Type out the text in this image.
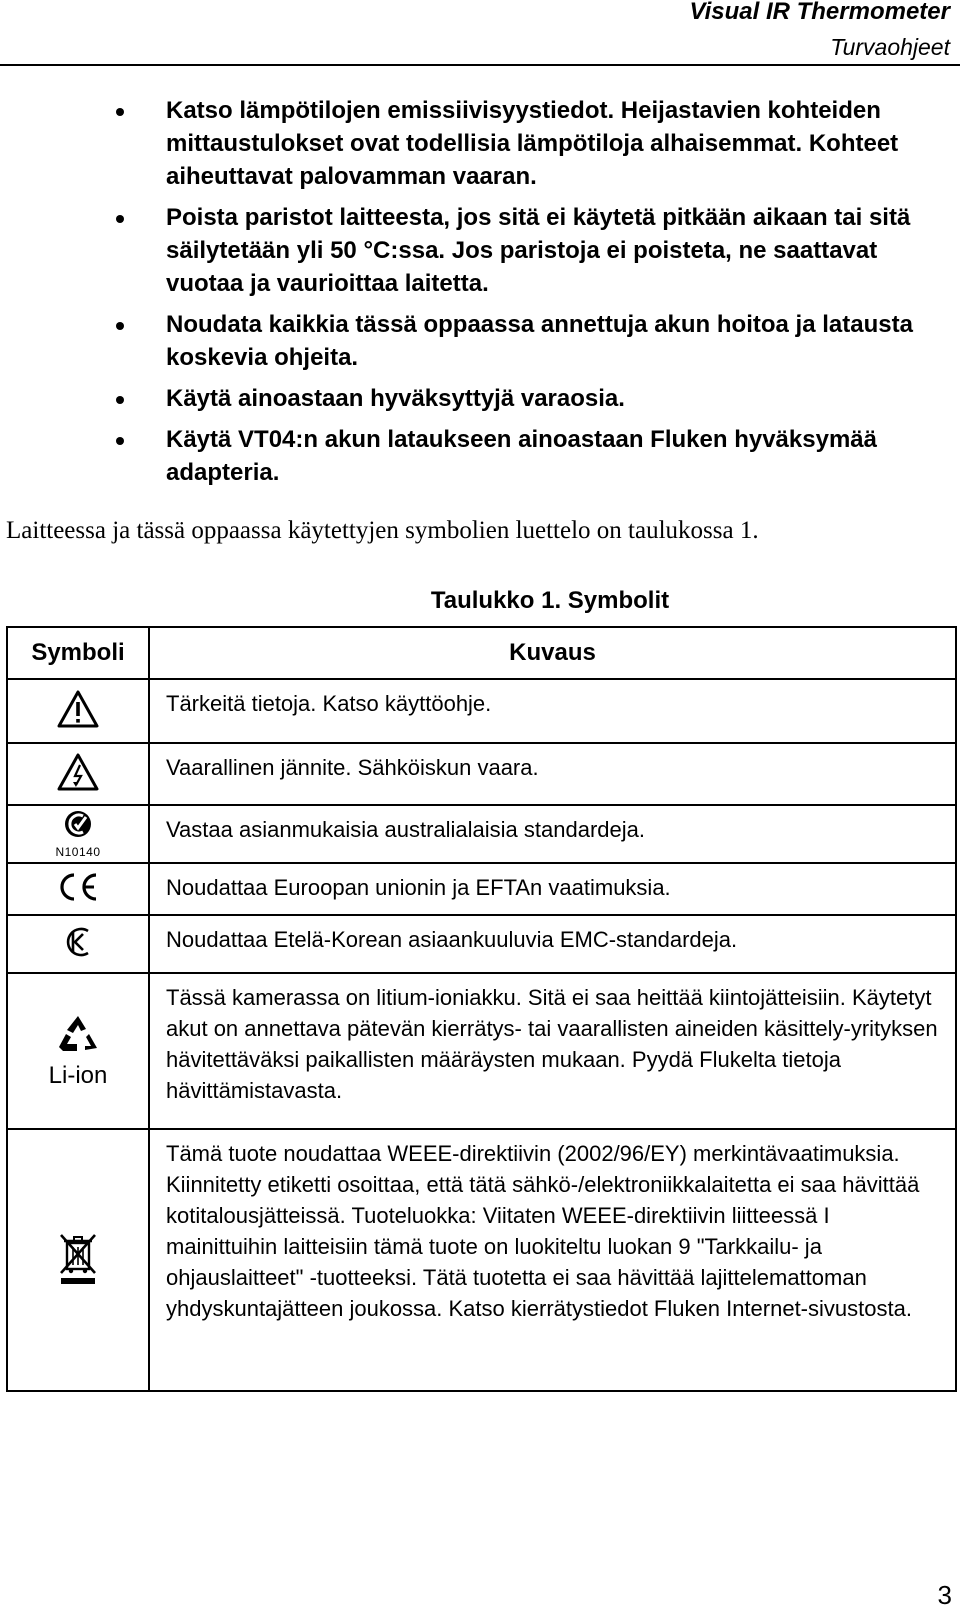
Visual IR Thermometer
Turvaohjeet
Katso lämpötilojen emissiivisyystiedot. Heijastavien kohteiden mittaustulokset ovat todellisia lämpötiloja alhaisemmat. Kohteet aiheuttavat palovamman vaaran.
Poista paristot laitteesta, jos sitä ei käytetä pitkään aikaan tai sitä säilytetään yli 50 °C:ssa. Jos paristoja ei poisteta, ne saattavat vuotaa ja vaurioittaa laitetta.
Noudata kaikkia tässä oppaassa annettuja akun hoitoa ja latausta koskevia ohjeita.
Käytä ainoastaan hyväksyttyjä varaosia.
Käytä VT04:n akun lataukseen ainoastaan Fluken hyväksymää adapteria.
Laitteessa ja tässä oppaassa käytettyjen symbolien luettelo on taulukossa 1.
Taulukko 1. Symbolit
Symboli	Kuvaus
	Tärkeitä tietoja. Katso käyttöohje.
	Vaarallinen jännite. Sähköiskun vaara.

N10140	Vastaa asianmukaisia australialaisia standardeja.
	Noudattaa Euroopan unionin ja EFTAn vaatimuksia.
	Noudattaa Etelä-Korean asiaankuuluvia EMC-standardeja.

Li-ion	Tässä kamerassa on litium-ioniakku. Sitä ei saa heittää kiintojätteisiin. Käytetyt akut on annettava pätevän kierrätys- tai vaarallisten aineiden käsittely-yrityksen hävitettäväksi paikallisten määräysten mukaan. Pyydä Flukelta tietoja hävittämistavasta.
	Tämä tuote noudattaa WEEE-direktiivin (2002/96/EY) merkintävaatimuksia. Kiinnitetty etiketti osoittaa, että tätä sähkö-/elektroniikkalaitetta ei saa hävittää kotitalousjätteissä. Tuoteluokka: Viitaten WEEE-direktiivin liitteessä I mainittuihin laitteisiin tämä tuote on luokiteltu luokan 9 "Tarkkailu- ja ohjauslaitteet" -tuotteeksi. Tätä tuotetta ei saa hävittää lajittelemattoman yhdyskuntajätteen joukossa. Katso kierrätystiedot Fluken Internet-sivustosta.
3
